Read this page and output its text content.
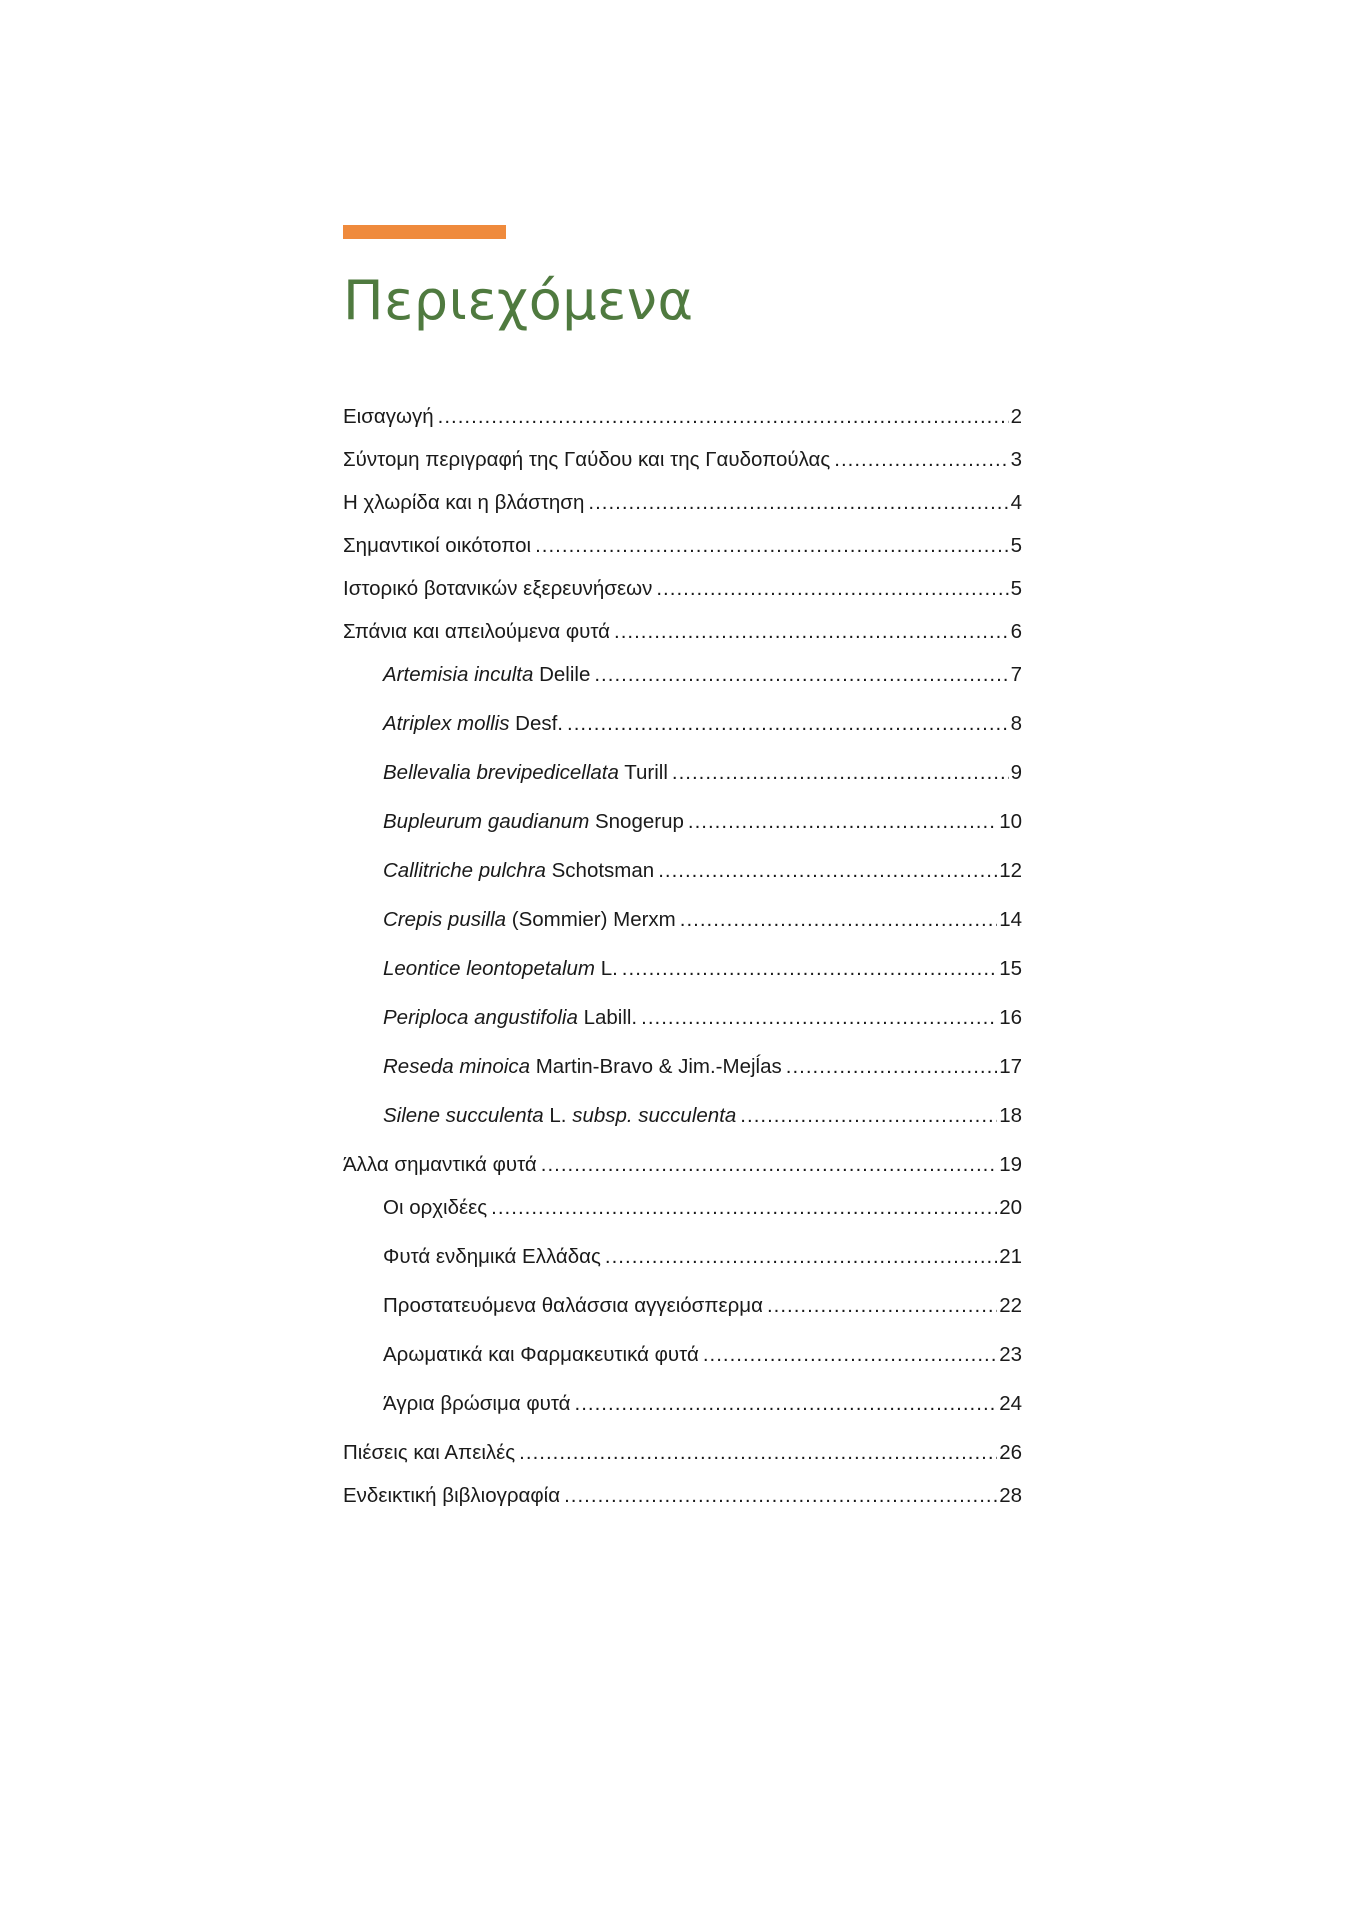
Περιεχόμενα
Εισαγωγή .....	2
Σύντομη περιγραφή της Γαύδου και της Γαυδοπούλας .....	3
Η χλωρίδα και η βλάστηση .....	4
Σημαντικοί οικότοποι .....	5
Ιστορικό βοτανικών εξερευνήσεων .....	5
Σπάνια και απειλούμενα φυτά .....	6
Artemisia inculta Delile .....	7
Atriplex mollis Desf. .....	8
Bellevalia brevipedicellata Turill .....	9
Bupleurum gaudianum Snogerup .....	10
Callitriche pulchra Schotsman .....	12
Crepis pusilla (Sommier) Merxm .....	14
Leontice leontopetalum L. .....	15
Periploca angustifolia Labill. .....	16
Reseda minoica Martin-Bravo & Jim.-Mejĺas .....	17
Silene succulenta L. subsp. succulenta .....	18
Άλλα σημαντικά φυτά .....	19
Οι ορχιδέες .....	20
Φυτά ενδημικά Ελλάδας .....	21
Προστατευόμενα θαλάσσια αγγειόσπερμα .....	22
Αρωματικά και Φαρμακευτικά φυτά .....	23
Άγρια βρώσιμα φυτά .....	24
Πιέσεις και Απειλές .....	26
Ενδεικτική βιβλιογραφία .....	28
